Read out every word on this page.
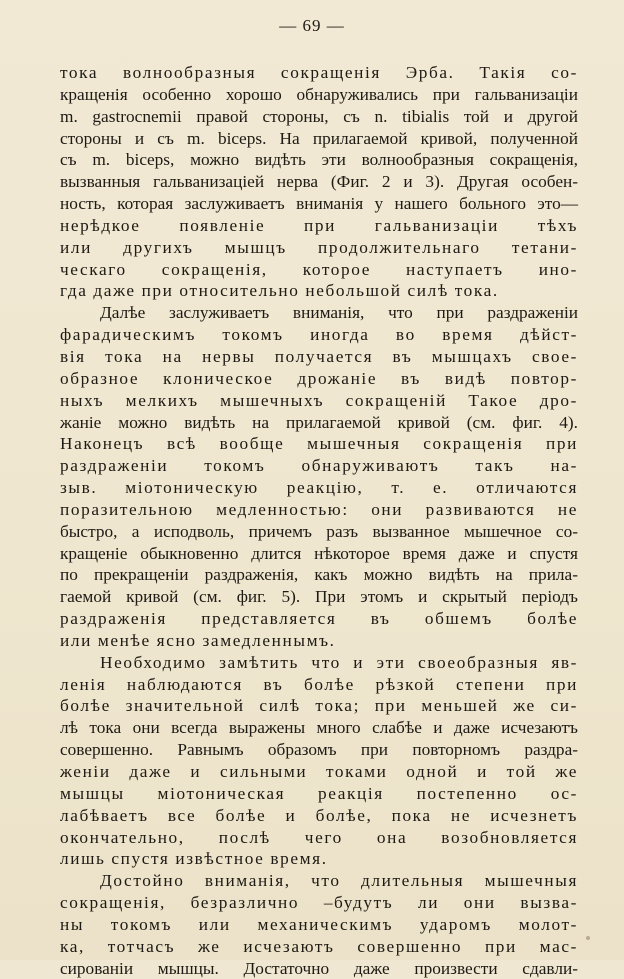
— 69 —
тока волнообразныя сокращенія Эрба. Такія со-
кращенія особенно хорошо обнаруживались при гальванизаціи
m. gastrocnemii правой стороны, съ n. tibialis той и другой
стороны и съ m. biceps. На прилагаемой кривой, полученной
съ m. biceps, можно видѣть эти волнообразныя сокращенія,
вызванныя гальванизаціей нерва (Фиг. 2 и 3). Другая особен-
ность, которая заслуживаетъ вниманія у нашего больного это—
нерѣдкое появленіе при гальванизаціи тѣхъ
или другихъ мышцъ продолжительнаго тетани-
ческаго сокращенія, которое наступаетъ ино-
гда даже при относительно небольшой силѣ тока.
Далѣе заслуживаетъ вниманія, что при раздраженіи
фарадическимъ токомъ иногда во время дѣйст-
вія тока на нервы получается въ мышцахъ свое-
образное клоническое дрожаніе въ видѣ повтор-
ныхъ мелкихъ мышечныхъ сокращеній Такое дро-
жаніе можно видѣть на прилагаемой кривой (см. фиг. 4).
Наконецъ всѣ вообще мышечныя сокращенія при
раздраженіи токомъ обнаруживаютъ такъ на-
зыв. міотоническую реакцію, т. е. отличаются
поразительною медленностью: они развиваются не
быстро, а исподволь, причемъ разъ вызванное мышечное со-
кращеніе обыкновенно длится нѣкоторое время даже и спустя
по прекращеніи раздраженія, какъ можно видѣть на прила-
гаемой кривой (см. фиг. 5). При этомъ и скрытый періодъ
раздраженія представляется въ обшемъ болѣе
или менѣе ясно замедленнымъ.
Необходимо замѣтить что и эти своеобразныя яв-
ленія наблюдаются въ болѣе рѣзкой степени при
болѣе значительной силѣ тока; при меньшей же си-
лѣ тока они всегда выражены много слабѣе и даже исчезаютъ
совершенно. Равнымъ образомъ при повторномъ раздра-
женіи даже и сильными токами одной и той же
мышцы міотоническая реакція постепенно ос-
лабѣваетъ все болѣе и болѣе, пока не исчезнетъ
окончательно, послѣ чего она возобновляется
лишь спустя извѣстное время.
Достойно вниманія, что длительныя мышечныя
сокращенія, безразлично –будутъ ли они вызва-
ны токомъ или механическимъ ударомъ молот-
ка, тотчасъ же исчезаютъ совершенно при мас-
сированіи мышцы. Достаточно даже произвести сдавли-
